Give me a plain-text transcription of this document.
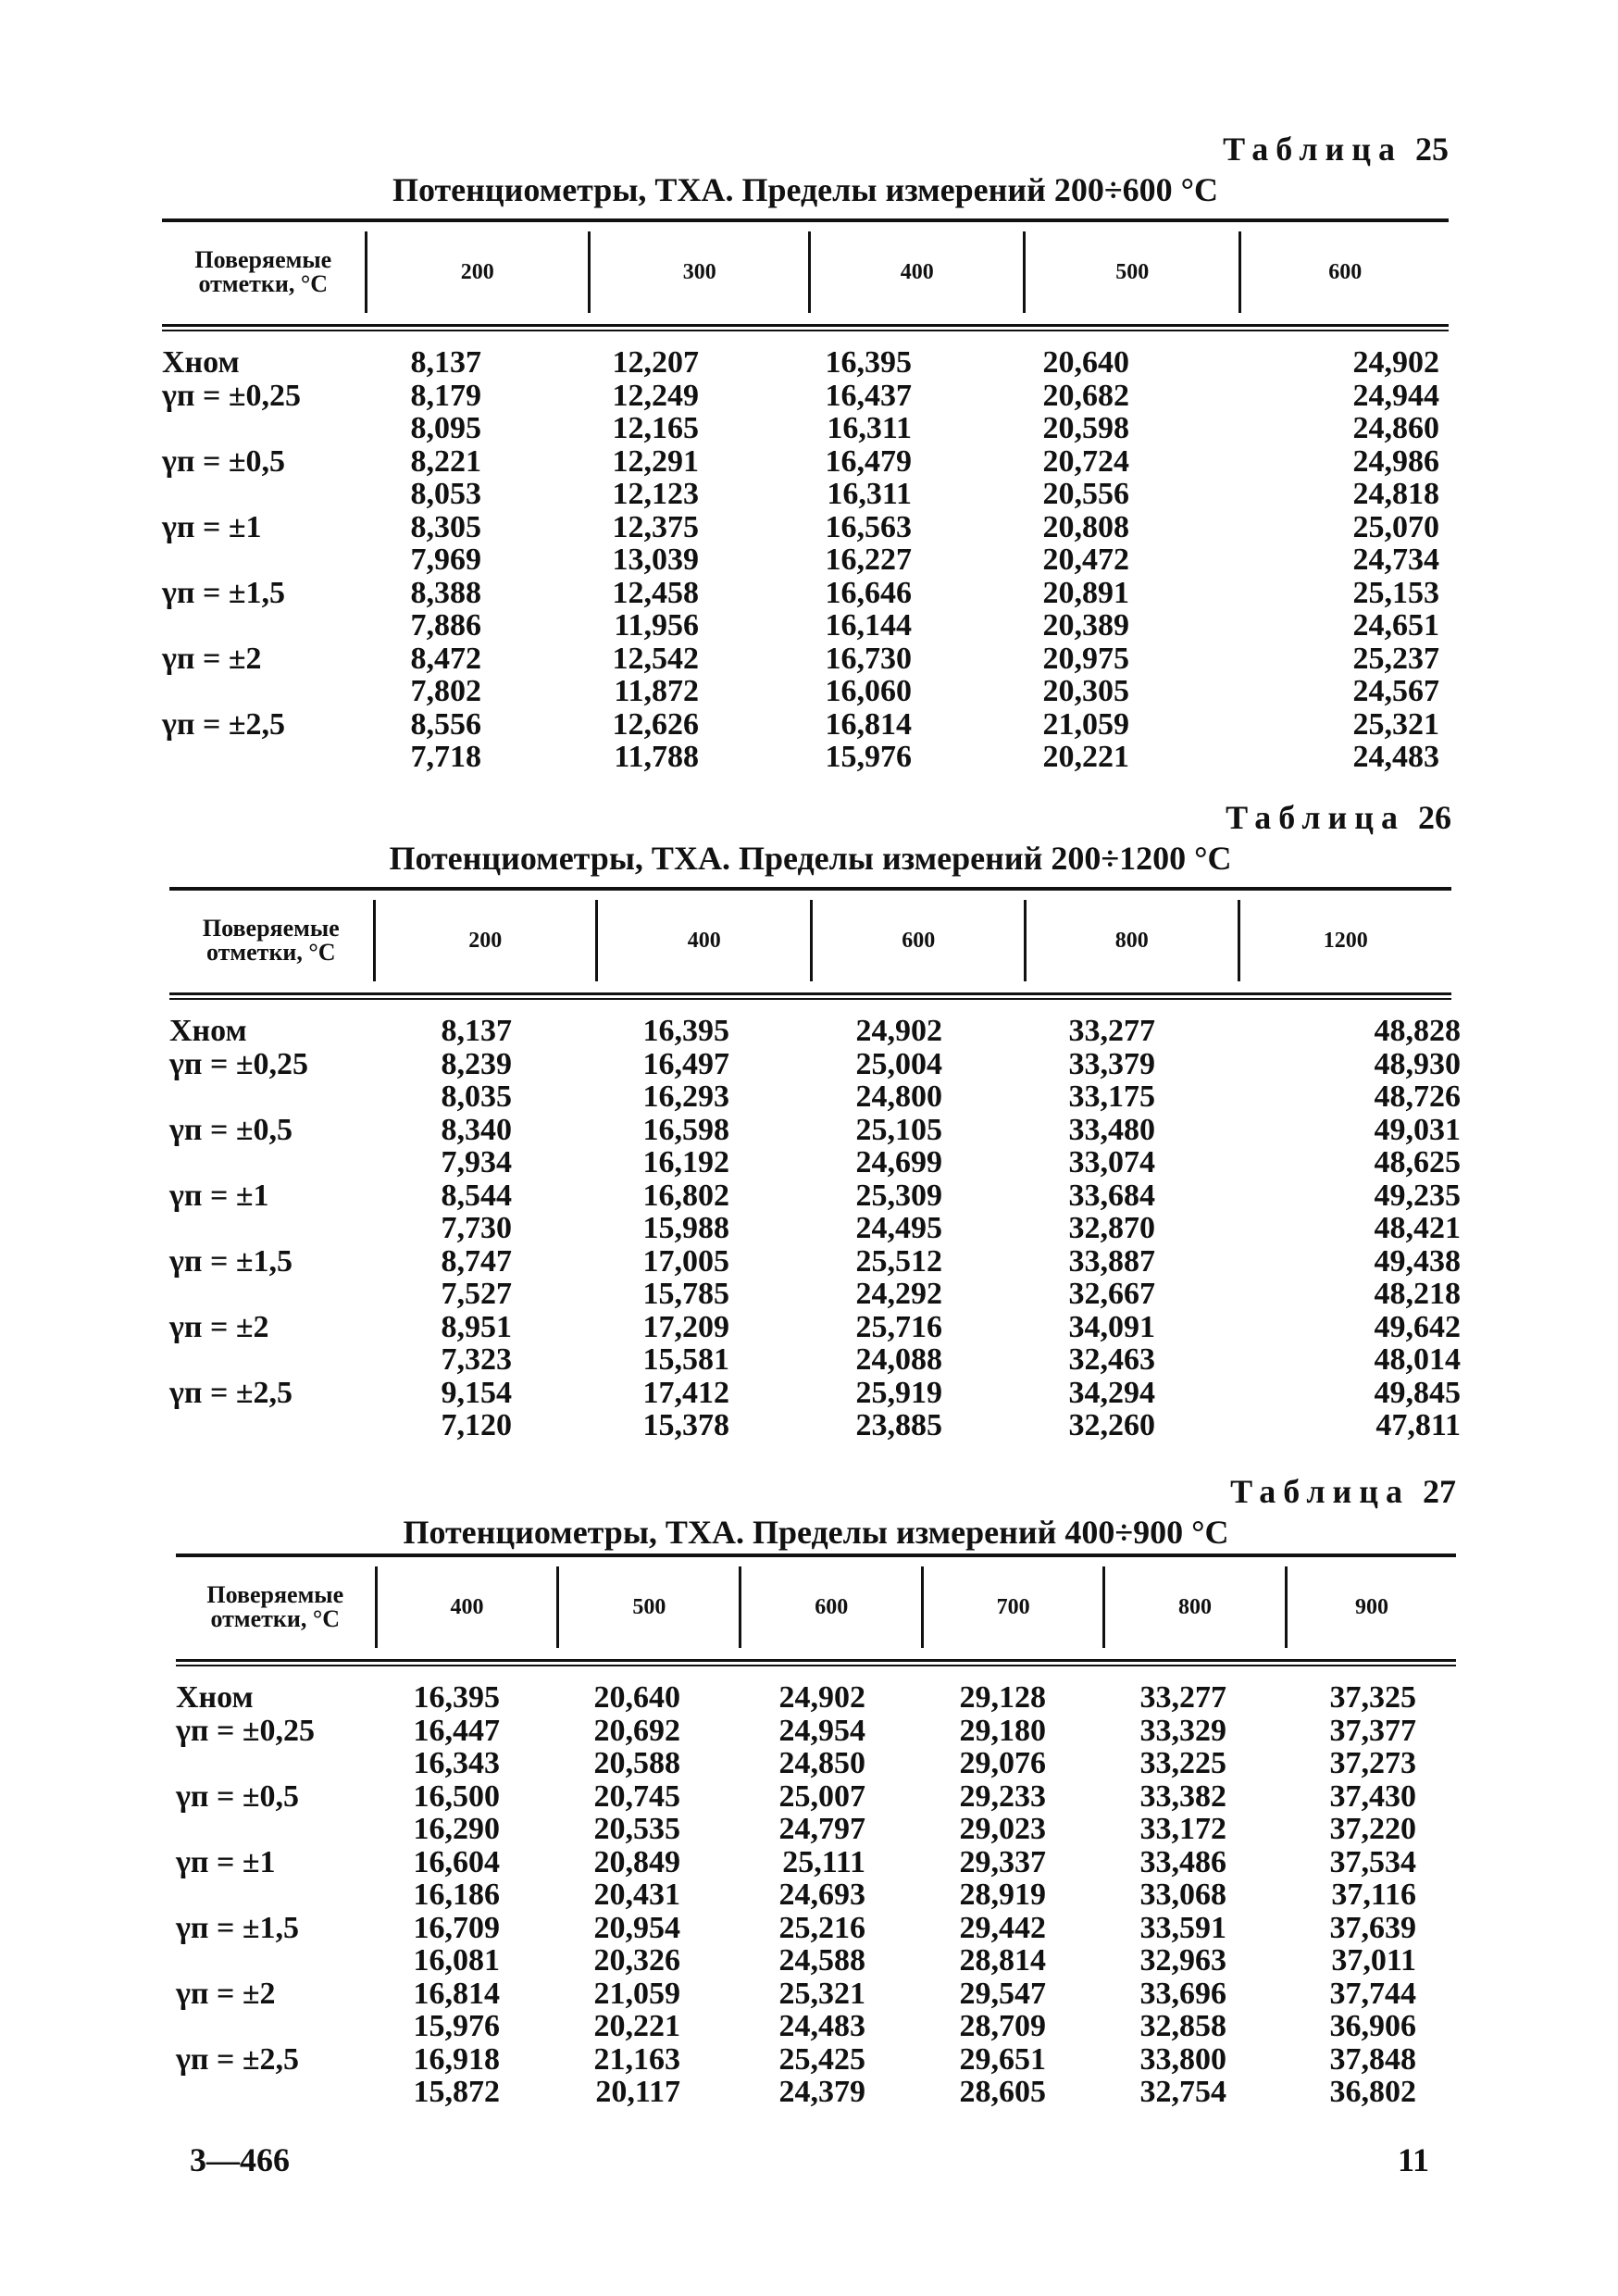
Таблица 25
Потенциометры, ТХА. Пределы измерений 200÷600 °С
Поверяемые
отметки, °С	200	300	400	500	600
Xном	8,137	12,207	16,395	20,640	24,902
γп = ±0,25	8,179	12,249	16,437	20,682	24,944
8,095	12,165	16,311	20,598	24,860
γп = ±0,5	8,221	12,291	16,479	20,724	24,986
8,053	12,123	16,311	20,556	24,818
γп = ±1	8,305	12,375	16,563	20,808	25,070
7,969	13,039	16,227	20,472	24,734
γп = ±1,5	8,388	12,458	16,646	20,891	25,153
7,886	11,956	16,144	20,389	24,651
γп = ±2	8,472	12,542	16,730	20,975	25,237
7,802	11,872	16,060	20,305	24,567
γп = ±2,5	8,556	12,626	16,814	21,059	25,321
7,718	11,788	15,976	20,221	24,483
Таблица 26
Потенциометры, ТХА. Пределы измерений 200÷1200 °С
Поверяемые
отметки, °С	200	400	600	800	1200
Xном	8,137	16,395	24,902	33,277	48,828
γп = ±0,25	8,239	16,497	25,004	33,379	48,930
8,035	16,293	24,800	33,175	48,726
γп = ±0,5	8,340	16,598	25,105	33,480	49,031
7,934	16,192	24,699	33,074	48,625
γп = ±1	8,544	16,802	25,309	33,684	49,235
7,730	15,988	24,495	32,870	48,421
γп = ±1,5	8,747	17,005	25,512	33,887	49,438
7,527	15,785	24,292	32,667	48,218
γп = ±2	8,951	17,209	25,716	34,091	49,642
7,323	15,581	24,088	32,463	48,014
γп = ±2,5	9,154	17,412	25,919	34,294	49,845
7,120	15,378	23,885	32,260	47,811
Таблица 27
Потенциометры, ТХА. Пределы измерений 400÷900 °С
Поверяемые
отметки, °С	400	500	600	700	800	900
Xном	16,395	20,640	24,902	29,128	33,277	37,325
γп = ±0,25	16,447	20,692	24,954	29,180	33,329	37,377
16,343	20,588	24,850	29,076	33,225	37,273
γп = ±0,5	16,500	20,745	25,007	29,233	33,382	37,430
16,290	20,535	24,797	29,023	33,172	37,220
γп = ±1	16,604	20,849	25,111	29,337	33,486	37,534
16,186	20,431	24,693	28,919	33,068	37,116
γп = ±1,5	16,709	20,954	25,216	29,442	33,591	37,639
16,081	20,326	24,588	28,814	32,963	37,011
γп = ±2	16,814	21,059	25,321	29,547	33,696	37,744
15,976	20,221	24,483	28,709	32,858	36,906
γп = ±2,5	16,918	21,163	25,425	29,651	33,800	37,848
15,872	20,117	24,379	28,605	32,754	36,802
3—466	11
